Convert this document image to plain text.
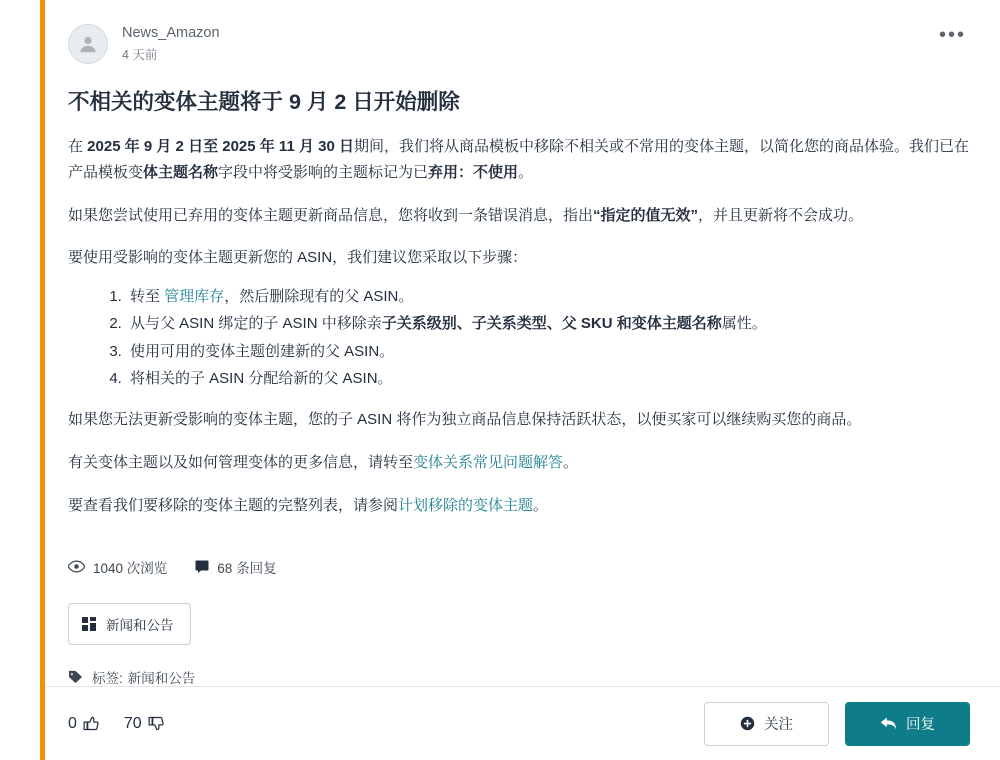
News_Amazon
4 天前
•••
不相关的变体主题将于 9 月 2 日开始删除

在 2025 年 9 月 2 日至 2025 年 11 月 30 日期间，我们将从商品模板中移除不相关或不常用的变体主题，以简化您的商品体验。我们已在产品模板变体主题名称字段中将受影响的主题标记为已弃用：不使用。

如果您尝试使用已弃用的变体主题更新商品信息，您将收到一条错误消息，指出“指定的值无效”，并且更新将不会成功。

要使用受影响的变体主题更新您的 ASIN，我们建议您采取以下步骤：

1. 转至 管理库存，然后删除现有的父 ASIN。
2. 从与父 ASIN 绑定的子 ASIN 中移除亲子关系级别、子关系类型、父 SKU 和变体主题名称属性。
3. 使用可用的变体主题创建新的父 ASIN。
4. 将相关的子 ASIN 分配给新的父 ASIN。

如果您无法更新受影响的变体主题，您的子 ASIN 将作为独立商品信息保持活跃状态，以便买家可以继续购买您的商品。

有关变体主题以及如何管理变体的更多信息，请转至变体关系常见问题解答。

要查看我们要移除的变体主题的完整列表，请参阅计划移除的变体主题。

1040 次浏览	68 条回复
新闻和公告
标签: 新闻和公告
0	70	关注	回复
